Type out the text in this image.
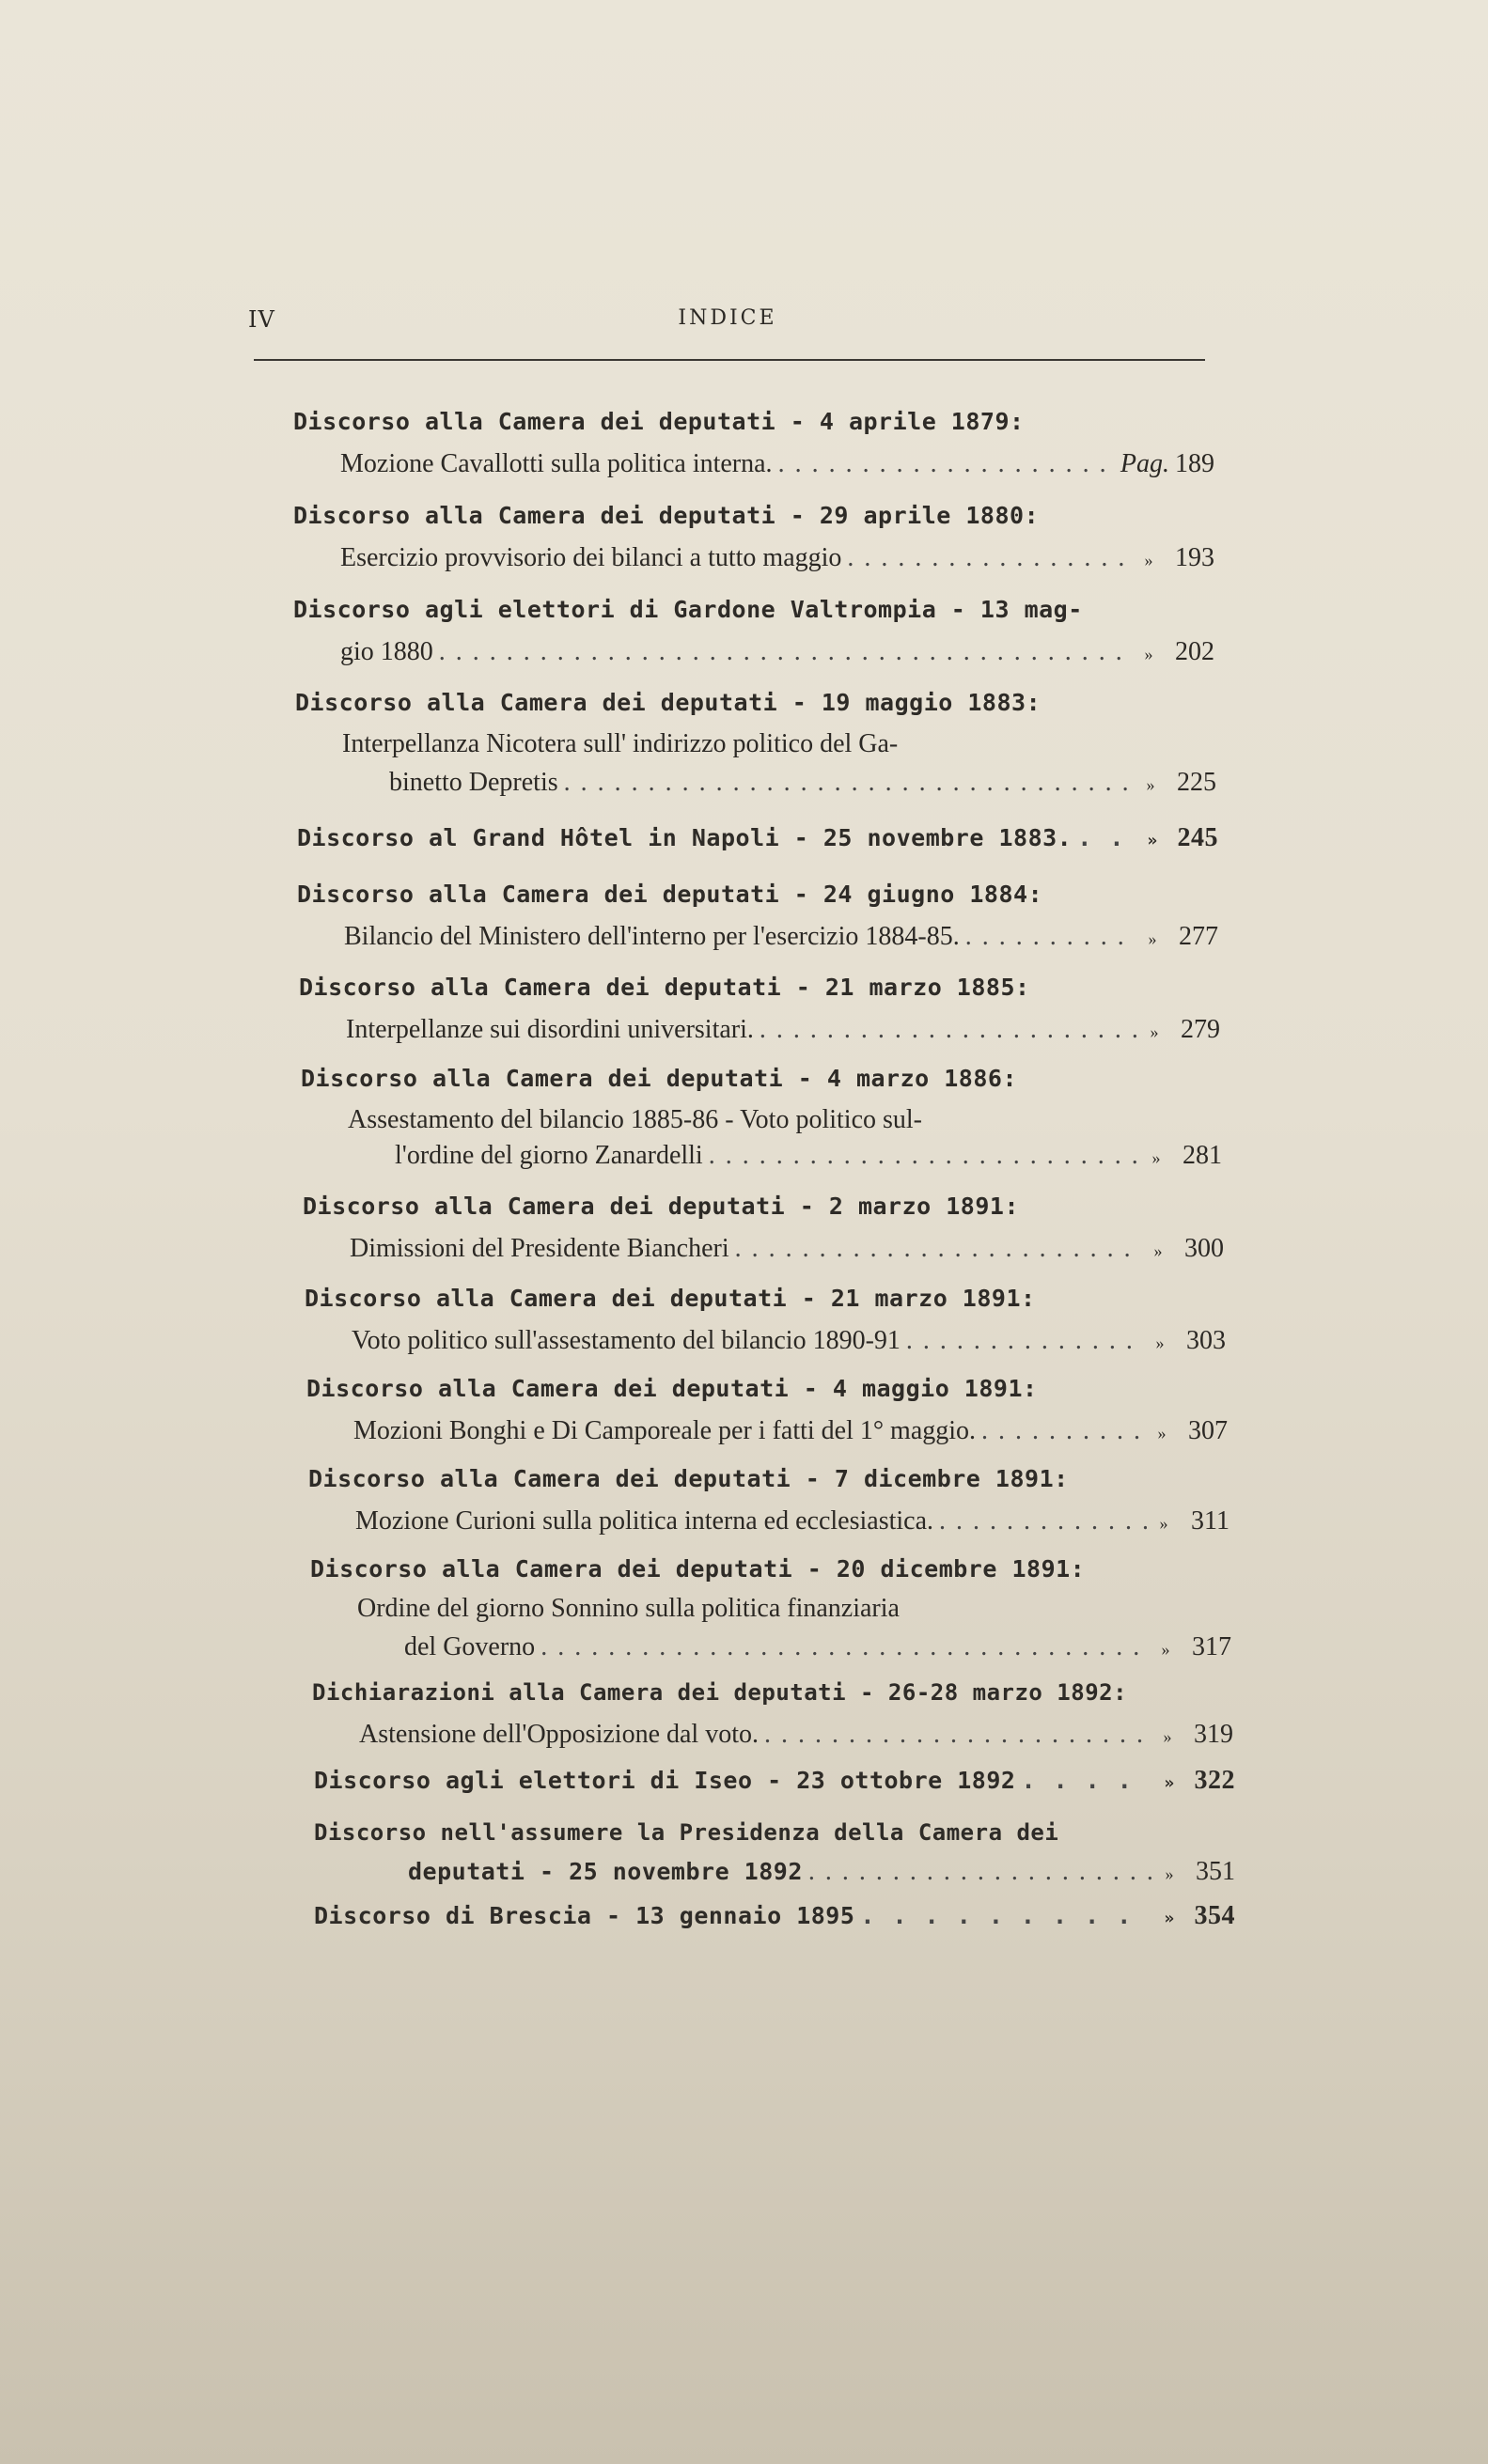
IV	INDICE
Discorso alla Camera dei deputati - 4 aprile 1879:
Mozione Cavallotti sulla politica interna. . . .	Pag. 189
Discorso alla Camera dei deputati - 29 aprile 1880:
Esercizio provvisorio dei bilanci a tutto maggio . . .	» 193
Discorso agli elettori di Gardone Valtrompia - 13 mag-
gio 1880 . . .	» 202
Discorso alla Camera dei deputati - 19 maggio 1883:
Interpellanza Nicotera sull' indirizzo politico del Ga-
binetto Depretis . . .	» 225
Discorso al Grand Hôtel in Napoli - 25 novembre 1883. . . .	» 245
Discorso alla Camera dei deputati - 24 giugno 1884:
Bilancio del Ministero dell'interno per l'esercizio 1884-85. . . .	» 277
Discorso alla Camera dei deputati - 21 marzo 1885:
Interpellanze sui disordini universitari. . . .	» 279
Discorso alla Camera dei deputati - 4 marzo 1886:
Assestamento del bilancio 1885-86 - Voto politico sul-
l'ordine del giorno Zanardelli . . .	» 281
Discorso alla Camera dei deputati - 2 marzo 1891:
Dimissioni del Presidente Biancheri . . .	» 300
Discorso alla Camera dei deputati - 21 marzo 1891:
Voto politico sull'assestamento del bilancio 1890-91 . . .	» 303
Discorso alla Camera dei deputati - 4 maggio 1891:
Mozioni Bonghi e Di Camporeale per i fatti del 1° maggio. . . .	» 307
Discorso alla Camera dei deputati - 7 dicembre 1891:
Mozione Curioni sulla politica interna ed ecclesiastica. . . .	» 311
Discorso alla Camera dei deputati - 20 dicembre 1891:
Ordine del giorno Sonnino sulla politica finanziaria
del Governo . . .	» 317
Dichiarazioni alla Camera dei deputati - 26-28 marzo 1892:
Astensione dell'Opposizione dal voto. . . .	» 319
Discorso agli elettori di Iseo - 23 ottobre 1892 . . .	» 322
Discorso nell'assumere la Presidenza della Camera dei
deputati - 25 novembre 1892 . . .	» 351
Discorso di Brescia - 13 gennaio 1895 . . .	» 354
